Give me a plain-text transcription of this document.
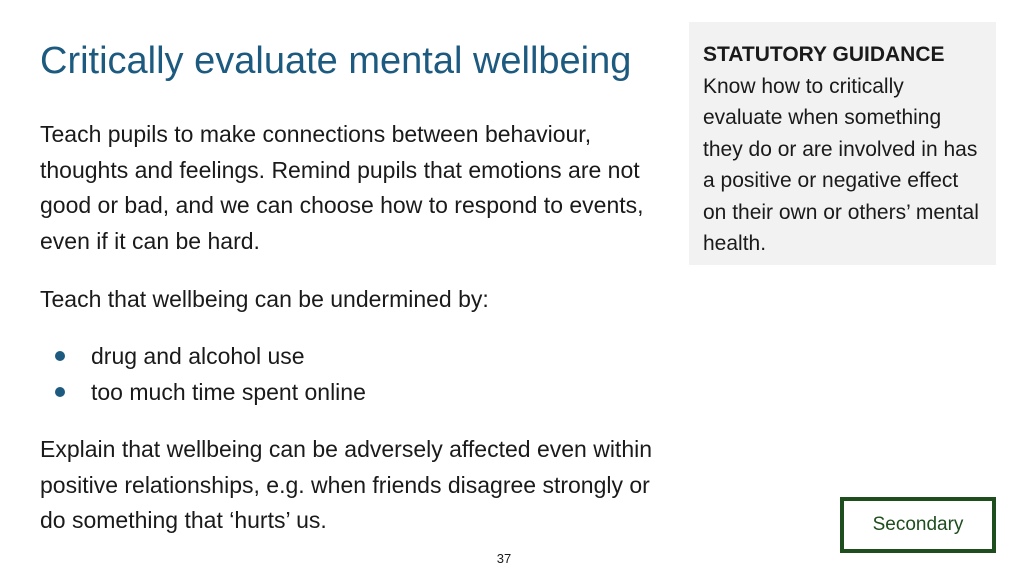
Critically evaluate mental wellbeing

Teach pupils to make connections between behaviour, thoughts and feelings. Remind pupils that emotions are not good or bad, and we can choose how to respond to events, even if it can be hard.

Teach that wellbeing can be undermined by:

drug and alcohol use
too much time spent online

Explain that wellbeing can be adversely affected even within positive relationships, e.g. when friends disagree strongly or do something that ‘hurts’ us.

STATUTORY GUIDANCE

Know how to critically evaluate when something they do or are involved in has a positive or negative effect on their own or others’ mental health.

Secondary
37
